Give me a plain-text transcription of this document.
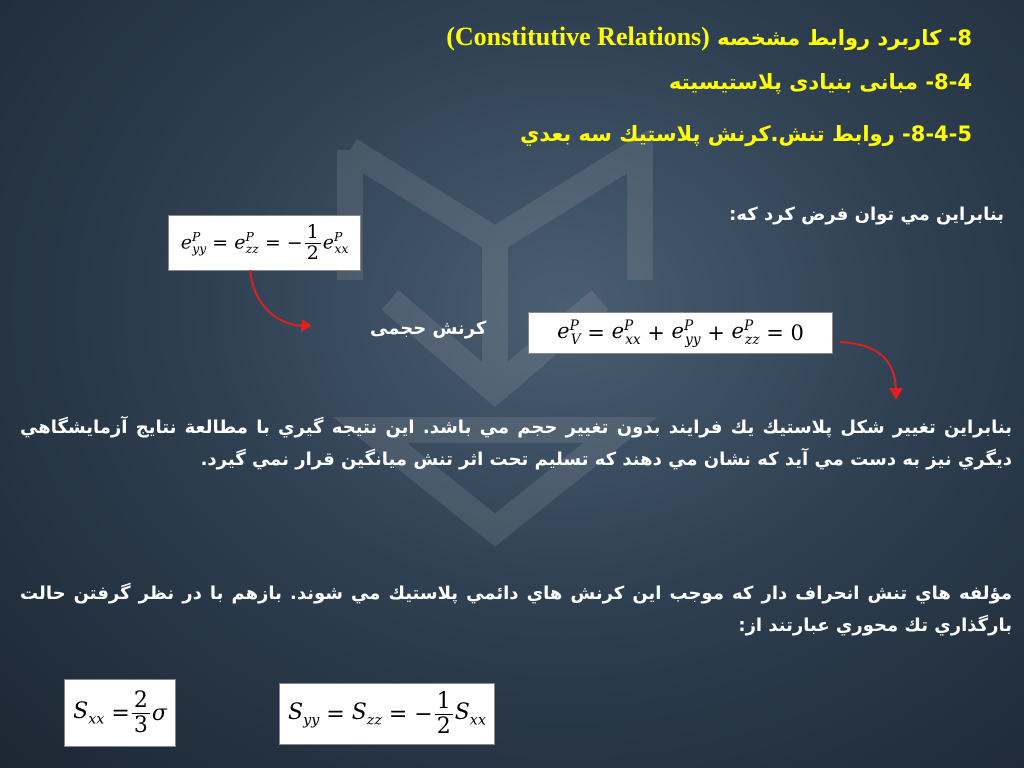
8- كاربرد روابط مشخصه (Constitutive Relations)
8-4- مبانی بنیادی پلاستیسیته
8-4-5- روابط تنش.كرنش پلاستيك سه بعدي
بنابراين مي توان فرض کرد که:
$e^P_{yy} = e^P_{zz}$ = − $\frac{1}{2} e^P_{xx}$
كرنش حجمی	$e^P_V = e^P_{xx} + e^P_{yy} + e^P_{zz}$
= 0
بنابراين تغییر شکل پلاستيك يك فرايند بدون تغییر حجم مي باشد. اين نتيجه گیري با مطالعة نتايج آزمايشگاهي ديگري نيز به دست مي آيد که نشان مي دهند که تسليم تحت اثر تنش میانگین قرار نمي گیرد.
مؤلفه هاي تنش انحراف دار که موجب اين كرنش هاي دائمي پلاستيك مي شوند. بازهم با در نظر گرفتن حالت بارگذاري تك محوري عبارتند از:
$S_{xx} = \frac{2}{3}$ σ	$S_{yy} = S_{zz}$ = − $\frac{1}{2} S_{xx}$
